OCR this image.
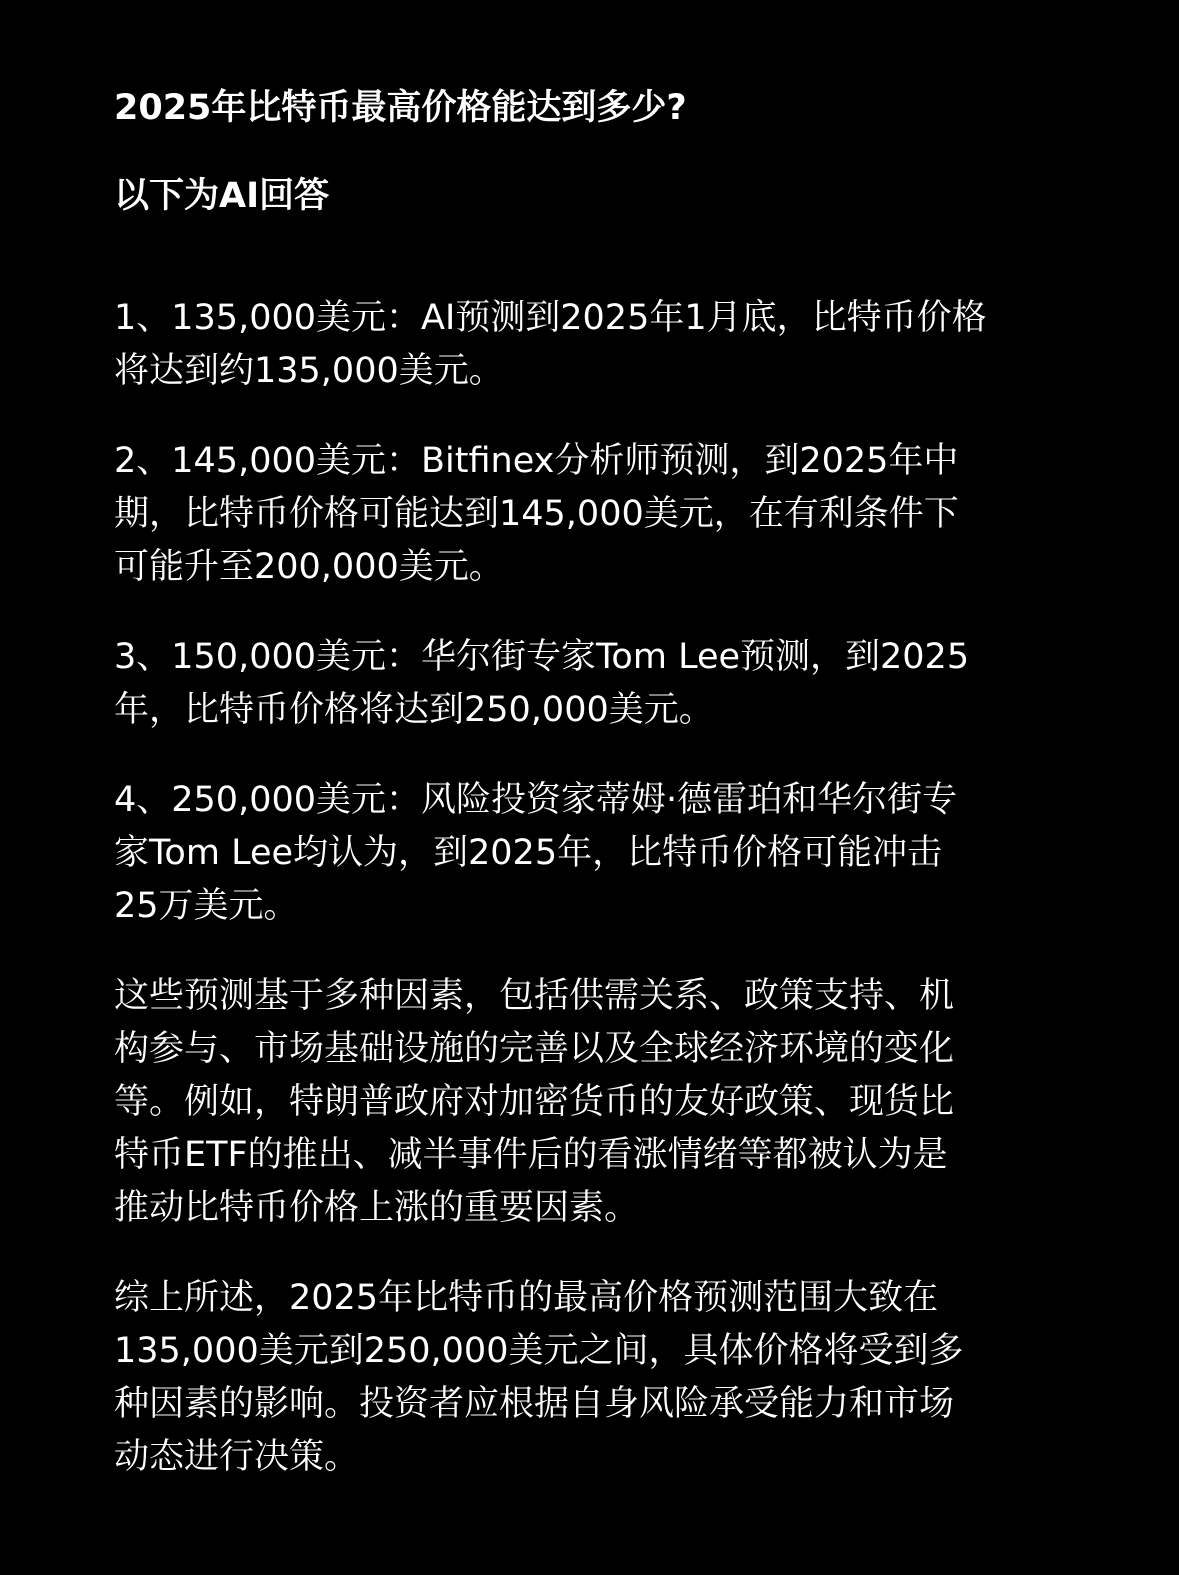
2025年比特币最高价格能达到多少?
以下为AI回答

1、135,000美元：AI预测到2025年1月底，比特币价格
将达到约135,000美元。

2、145,000美元：Bitfinex分析师预测，到2025年中
期，比特币价格可能达到145,000美元，在有利条件下
可能升至200,000美元。

3、150,000美元：华尔街专家Tom Lee预测，到2025
年，比特币价格将达到250,000美元。

4、250,000美元：风险投资家蒂姆·德雷珀和华尔街专
家Tom Lee均认为，到2025年，比特币价格可能冲击
25万美元。

这些预测基于多种因素，包括供需关系、政策支持、机
构参与、市场基础设施的完善以及全球经济环境的变化
等。例如，特朗普政府对加密货币的友好政策、现货比
特币ETF的推出、减半事件后的看涨情绪等都被认为是
推动比特币价格上涨的重要因素。

综上所述，2025年比特币的最高价格预测范围大致在
135,000美元到250,000美元之间，具体价格将受到多
种因素的影响。投资者应根据自身风险承受能力和市场
动态进行决策。
